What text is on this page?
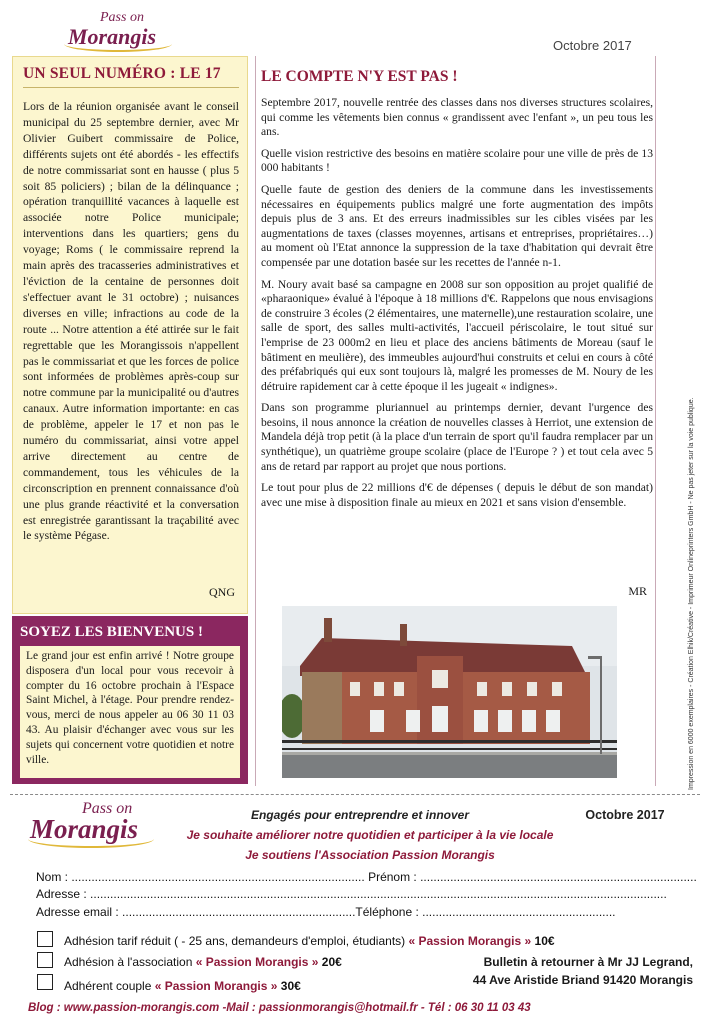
Pass on
Morangis	Octobre 2017
UN SEUL NUMÉRO : LE 17
Lors de la réunion organisée avant le conseil municipal du 25 septembre dernier, avec Mr Olivier Guibert commissaire de Police, différents sujets ont été abordés - les effectifs de notre commissariat sont en hausse ( plus 5 soit 85 policiers) ; bilan de la délinquance ; opération tranquillité vacances à laquelle est associée notre Police municipale; interventions dans les quartiers; gens du voyage; Roms ( le commissaire reprend la main après des tracasseries administratives et l'éviction de la centaine de personnes doit s'effectuer avant le 31 octobre) ; nuisances diverses en ville; infractions au code de la route ... Notre attention a été attirée sur le fait regrettable que les Morangissois n'appellent pas le commissariat et que les forces de police sont informées de problèmes après-coup sur notre commune par la municipalité ou d'autres canaux. Autre information importante: en cas de problème, appeler le 17 et non pas le numéro du commissariat, ainsi votre appel arrive directement au centre de commandement, tous les véhicules de la circonscription en prennent connaissance d'où une plus grande réactivité et la conversation est enregistrée garantissant la traçabilité avec le système Pégase.
QNG
SOYEZ LES BIENVENUS !
Le grand jour est enfin arrivé ! Notre groupe disposera d'un local pour vous recevoir à compter du 16 octobre prochain à l'Espace Saint Michel, à l'étage. Pour prendre rendez-vous, merci de nous appeler au 06 30 11 03 43. Au plaisir d'échanger avec vous sur les sujets qui concernent votre quotidien et notre ville.
LE COMPTE N'Y EST PAS !

Septembre 2017, nouvelle rentrée des classes dans nos diverses structures scolaires, qui comme les vêtements bien connus « grandissent avec l'enfant », un peu tous les ans.

Quelle vision restrictive des besoins en matière scolaire pour une ville de près de 13 000 habitants !

Quelle faute de gestion des deniers de la commune dans les investissements nécessaires en équipements publics malgré une forte augmentation des impôts depuis plus de 3 ans. Et des erreurs inadmissibles sur les cibles visées par les augmentations de taxes (classes moyennes, artisans et entreprises, propriétaires…) au moment où l'Etat annonce la suppression de la taxe d'habitation qui devrait être compensée par une dotation basée sur les recettes de l'année n-1.

M. Noury avait basé sa campagne en 2008 sur son opposition au projet qualifié de «pharaonique» évalué à l'époque à 18 millions d'€. Rappelons que nous envisagions de construire 3 écoles (2 élémentaires, une maternelle),une restauration scolaire, une salle de sport, des salles multi-activités, l'accueil périscolaire, le tout situé sur l'emprise de 23 000m2 en lieu et place des anciens bâtiments de Moreau (sauf le bâtiment en meulière), des immeubles aujourd'hui construits et celui en cours à côté des préfabriqués qui eux sont toujours là, malgré les promesses de M. Noury de les détruire rapidement car à cette époque il les jugeait « indignes».

Dans son programme pluriannuel au printemps dernier, devant l'urgence des besoins, il nous annonce la création de nouvelles classes à Herriot, une extension de Mandela déjà trop petit (à la place d'un terrain de sport qu'il faudra remplacer par un synthétique), un quatrième groupe scolaire (place de l'Europe ? ) et tout cela avec 5 ans de retard par rapport au projet que nous portions.

Le tout pour plus de 22 millions d'€ de dépenses ( depuis le début de son mandat) avec une mise à disposition finale au mieux en 2021 et sans vision d'ensemble.

MR	Impression en 6000 exemplaires - Création Elhik/Créative - Imprimeur Onlineprinters GmbH - Ne pas jeter sur la voie publique.
Pass on
Morangis	Engagés pour entreprendre et innover
Je souhaite améliorer notre quotidien et participer à la vie locale
Je soutiens l'Association Passion Morangis
Octobre 2017
Nom : ........................................................................................ Prénom : ...................................................................................
Adresse : .............................................................................................................................................................................
Adresse email : ......................................................................Téléphone : ..........................................................
Adhésion tarif réduit ( - 25 ans, demandeurs d'emploi, étudiants) « Passion Morangis » 10€
Adhésion à l'association « Passion Morangis » 20€
Adhérent couple « Passion Morangis » 30€
Bulletin à retourner à Mr JJ Legrand,
44 Ave Aristide Briand 91420 Morangis
Blog : www.passion-morangis.com -Mail : passionmorangis@hotmail.fr - Tél : 06 30 11 03 43
